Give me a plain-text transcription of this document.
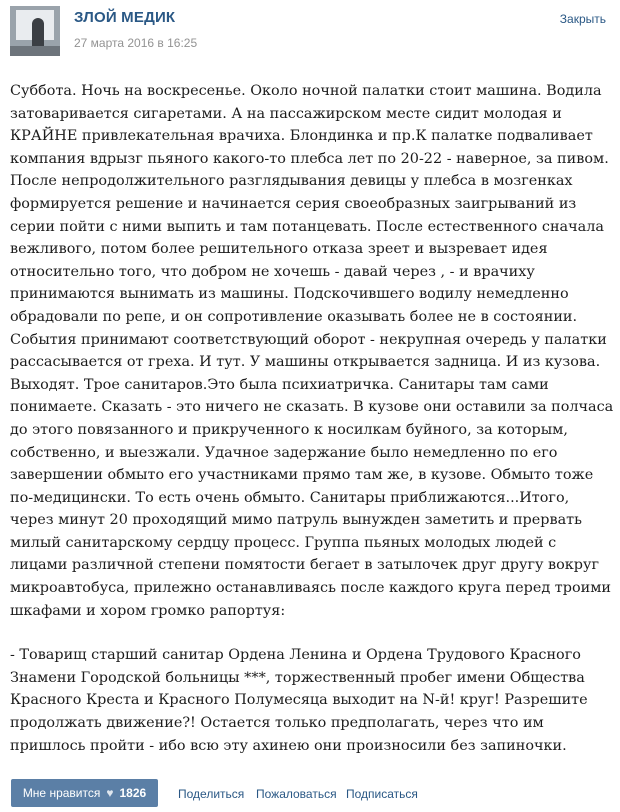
ЗЛОЙ МЕДИК
27 марта 2016 в 16:25
Закрыть

Суббота. Ночь на воскресенье. Около ночной палатки стоит машина. Водила затоваривается сигаретами. А на пассажирском месте сидит молодая и КРАЙНЕ привлекательная врачиха. Блондинка и пр.К палатке подваливает компания вдрызг пьяного какого-то плебса лет по 20-22 - наверное, за пивом. После непродолжительного разглядывания девицы у плебса в мозгенках формируется решение и начинается серия своеобразных заигрываний из серии пойти с ними выпить и там потанцевать. После естественного сначала вежливого, потом более решительного отказа зреет и вызревает идея относительно того, что добром не хочешь - давай через , - и врачиху принимаются вынимать из машины. Подскочившего водилу немедленно обрадовали по репе, и он сопротивление оказывать более не в состоянии. События принимают соответствующий оборот - некрупная очередь у палатки рассасывается от греха. И тут. У машины открывается задница. И из кузова. Выходят. Трое санитаров.Это была психиатричка. Санитары там сами понимаете. Сказать - это ничего не сказать. В кузове они оставили за полчаса до этого повязанного и прикрученного к носилкам буйного, за которым, собственно, и выезжали. Удачное задержание было немедленно по его завершении обмыто его участниками прямо там же, в кузове. Обмыто тоже по-медицински. То есть очень обмыто. Санитары приближаются...Итого, через минут 20 проходящий мимо патруль вынужден заметить и прервать милый санитарскому сердцу процесс. Группа пьяных молодых людей с лицами различной степени помятости бегает в затылочек друг другу вокруг микроавтобуса, прилежно останавливаясь после каждого круга перед троими шкафами и хором громко рапортуя:

- Товарищ старший санитар Ордена Ленина и Ордена Трудового Красного Знамени Городской больницы ***, торжественный пробег имени Общества Красного Креста и Красного Полумесяца выходит на N-й! круг! Разрешите продолжать движение?! Остается только предполагать, через что им пришлось пройти - ибо всю эту ахинею они произносили без запиночки.

Мне нравится ♥ 1826	Поделиться Пожаловаться Подписаться
